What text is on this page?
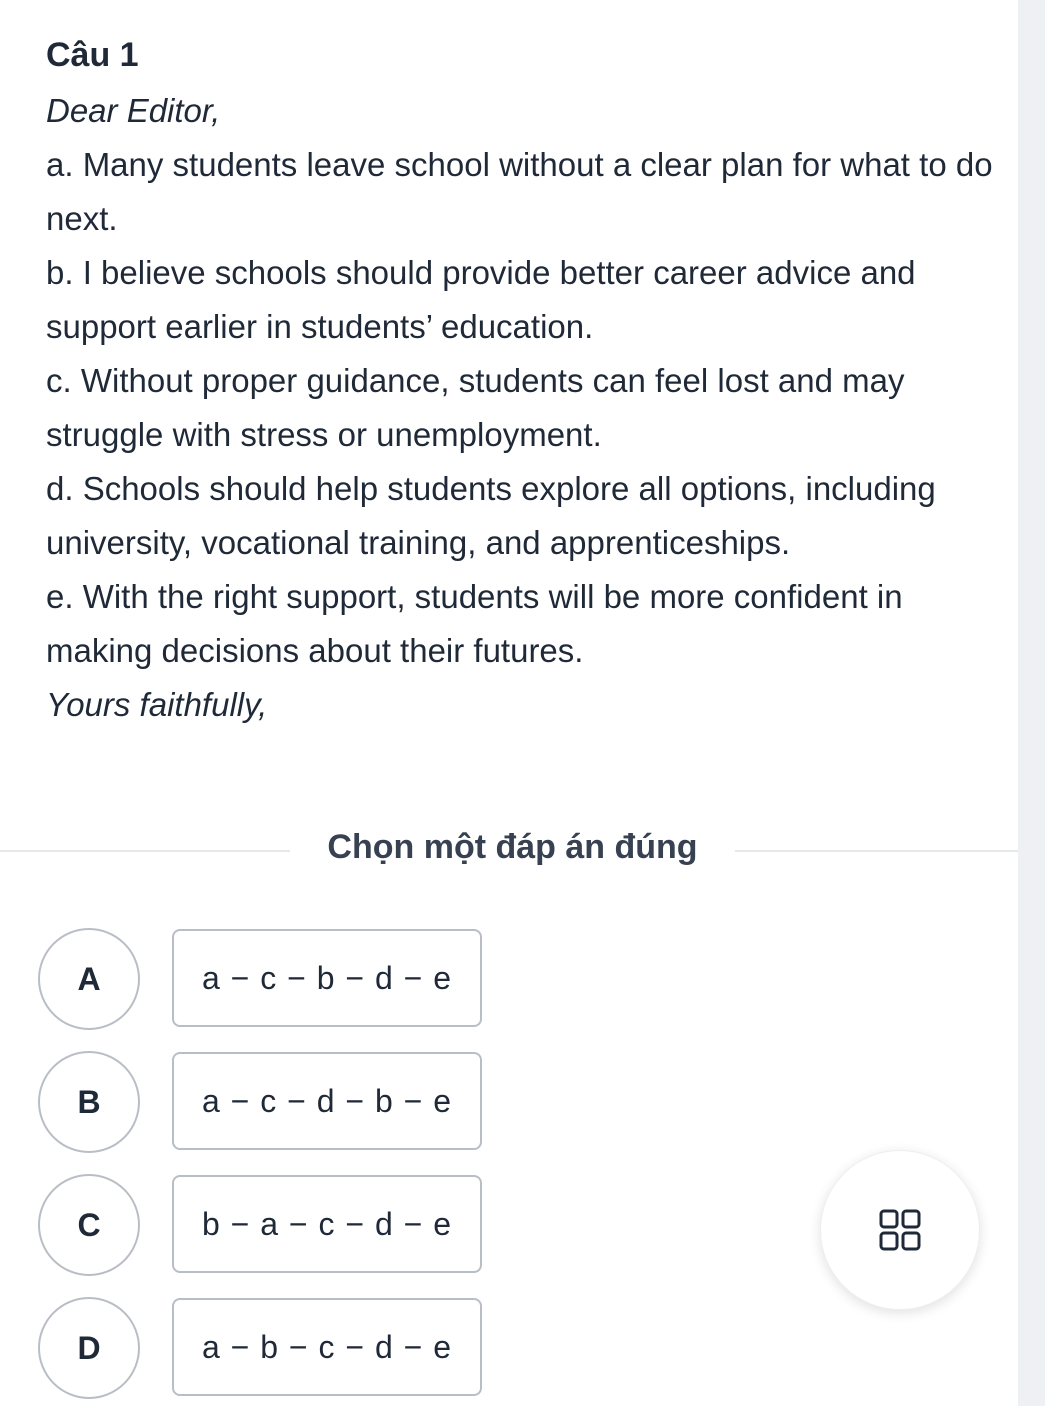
Câu 1

Dear Editor,

a. Many students leave school without a clear plan for what to do next.

b. I believe schools should provide better career advice and support earlier in students’ education.

c. Without proper guidance, students can feel lost and may struggle with stress or unemployment.

d. Schools should help students explore all options, including university, vocational training, and apprenticeships.

e. With the right support, students will be more confident in making decisions about their futures.

Yours faithfully,

Chọn một đáp án đúng
A	a − c − b − d − e
B	a − c − d − b − e
C	b − a − c − d − e
D	a − b − c − d − e
